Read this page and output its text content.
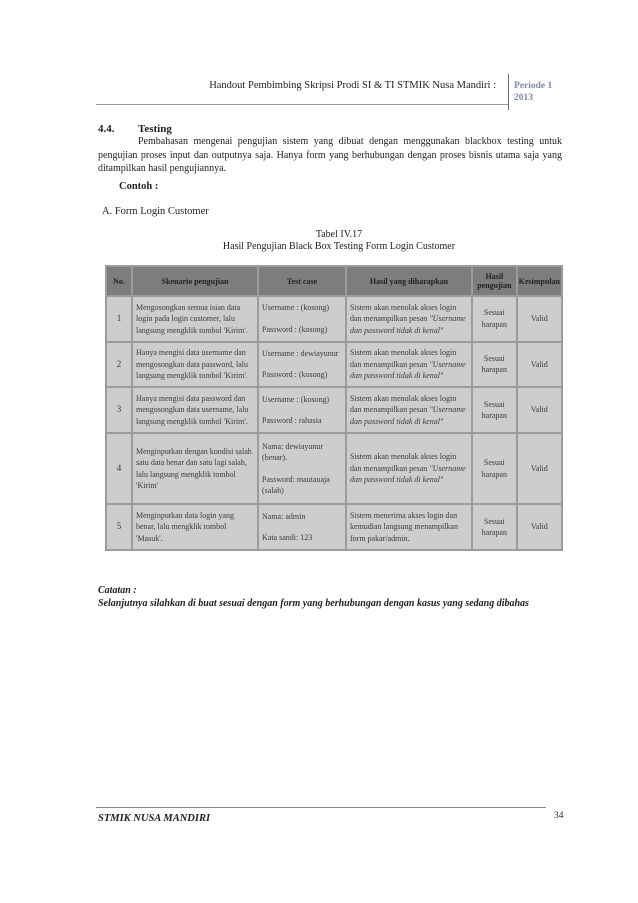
Handout Pembimbing Skripsi Prodi SI & TI STMIK Nusa Mandiri : Periode 1
2013
4.4. Testing

Pembahasan mengenai pengujian sistem yang dibuat dengan menggunakan blackbox testing untuk pengujian proses input dan outputnya saja. Hanya form yang berhubungan dengan proses bisnis utama saja yang ditampilkan hasil pengujiannya.

Contoh :
A. Form Login Customer
Tabel IV.17
Hasil Pengujian Black Box Testing Form Login Customer
No.	Skenario pengujian	Test case	Hasil yang diharapkan	Hasil pengujian	Kesimpulan
1	Mengosongkan semua isian data login pada login customer, lalu langsung mengklik tombol 'Kirim'.	Username : (kosong)
Password : (kosong)	Sistem akan menolak akses login dan menampilkan pesan "Username dan password tidak di kenal"	Sesuai harapan	Valid
2	Hanya mengisi data username dan mengosongkan data password, lalu langsung mengklik tombol 'Kirim'.	Username : dewiayunur
Password : (kosong)	Sistem akan menolak akses login dan menampilkan pesan "Username dan password tidak di kenal"	Sesuai harapan	Valid
3	Hanya mengisi data password dan mengosongkan data username, lalu langsung mengklik tombol 'Kirim'.	Username : (kosong)
Password : rahasia	Sistem akan menolak akses login dan menampilkan pesan "Username dan password tidak di kenal"	Sesuai harapan	Valid
4	Menginputkan dengan kondisi salah satu data benar dan satu lagi salah, lalu langsung mengklik tombol 'Kirim'	Nama: dewiayunur (benar).
Password: mautauaja (salah)	Sistem akan menolak akses login dan menampilkan pesan "Username dan password tidak di kenal"	Sesuai harapan	Valid
5	Menginputkan data login yang benar, lalu mengklik tombol 'Masuk'.	Nama: admin
Kata sandi: 123	Sistem menerima akses login dan kemudian langsung menampilkan form pakar/admin.	Sesuai harapan	Valid
Catatan :
Selanjutnya silahkan di buat sesuai dengan form yang berhubungan dengan kasus yang sedang dibahas
STMIK NUSA MANDIRI	34
